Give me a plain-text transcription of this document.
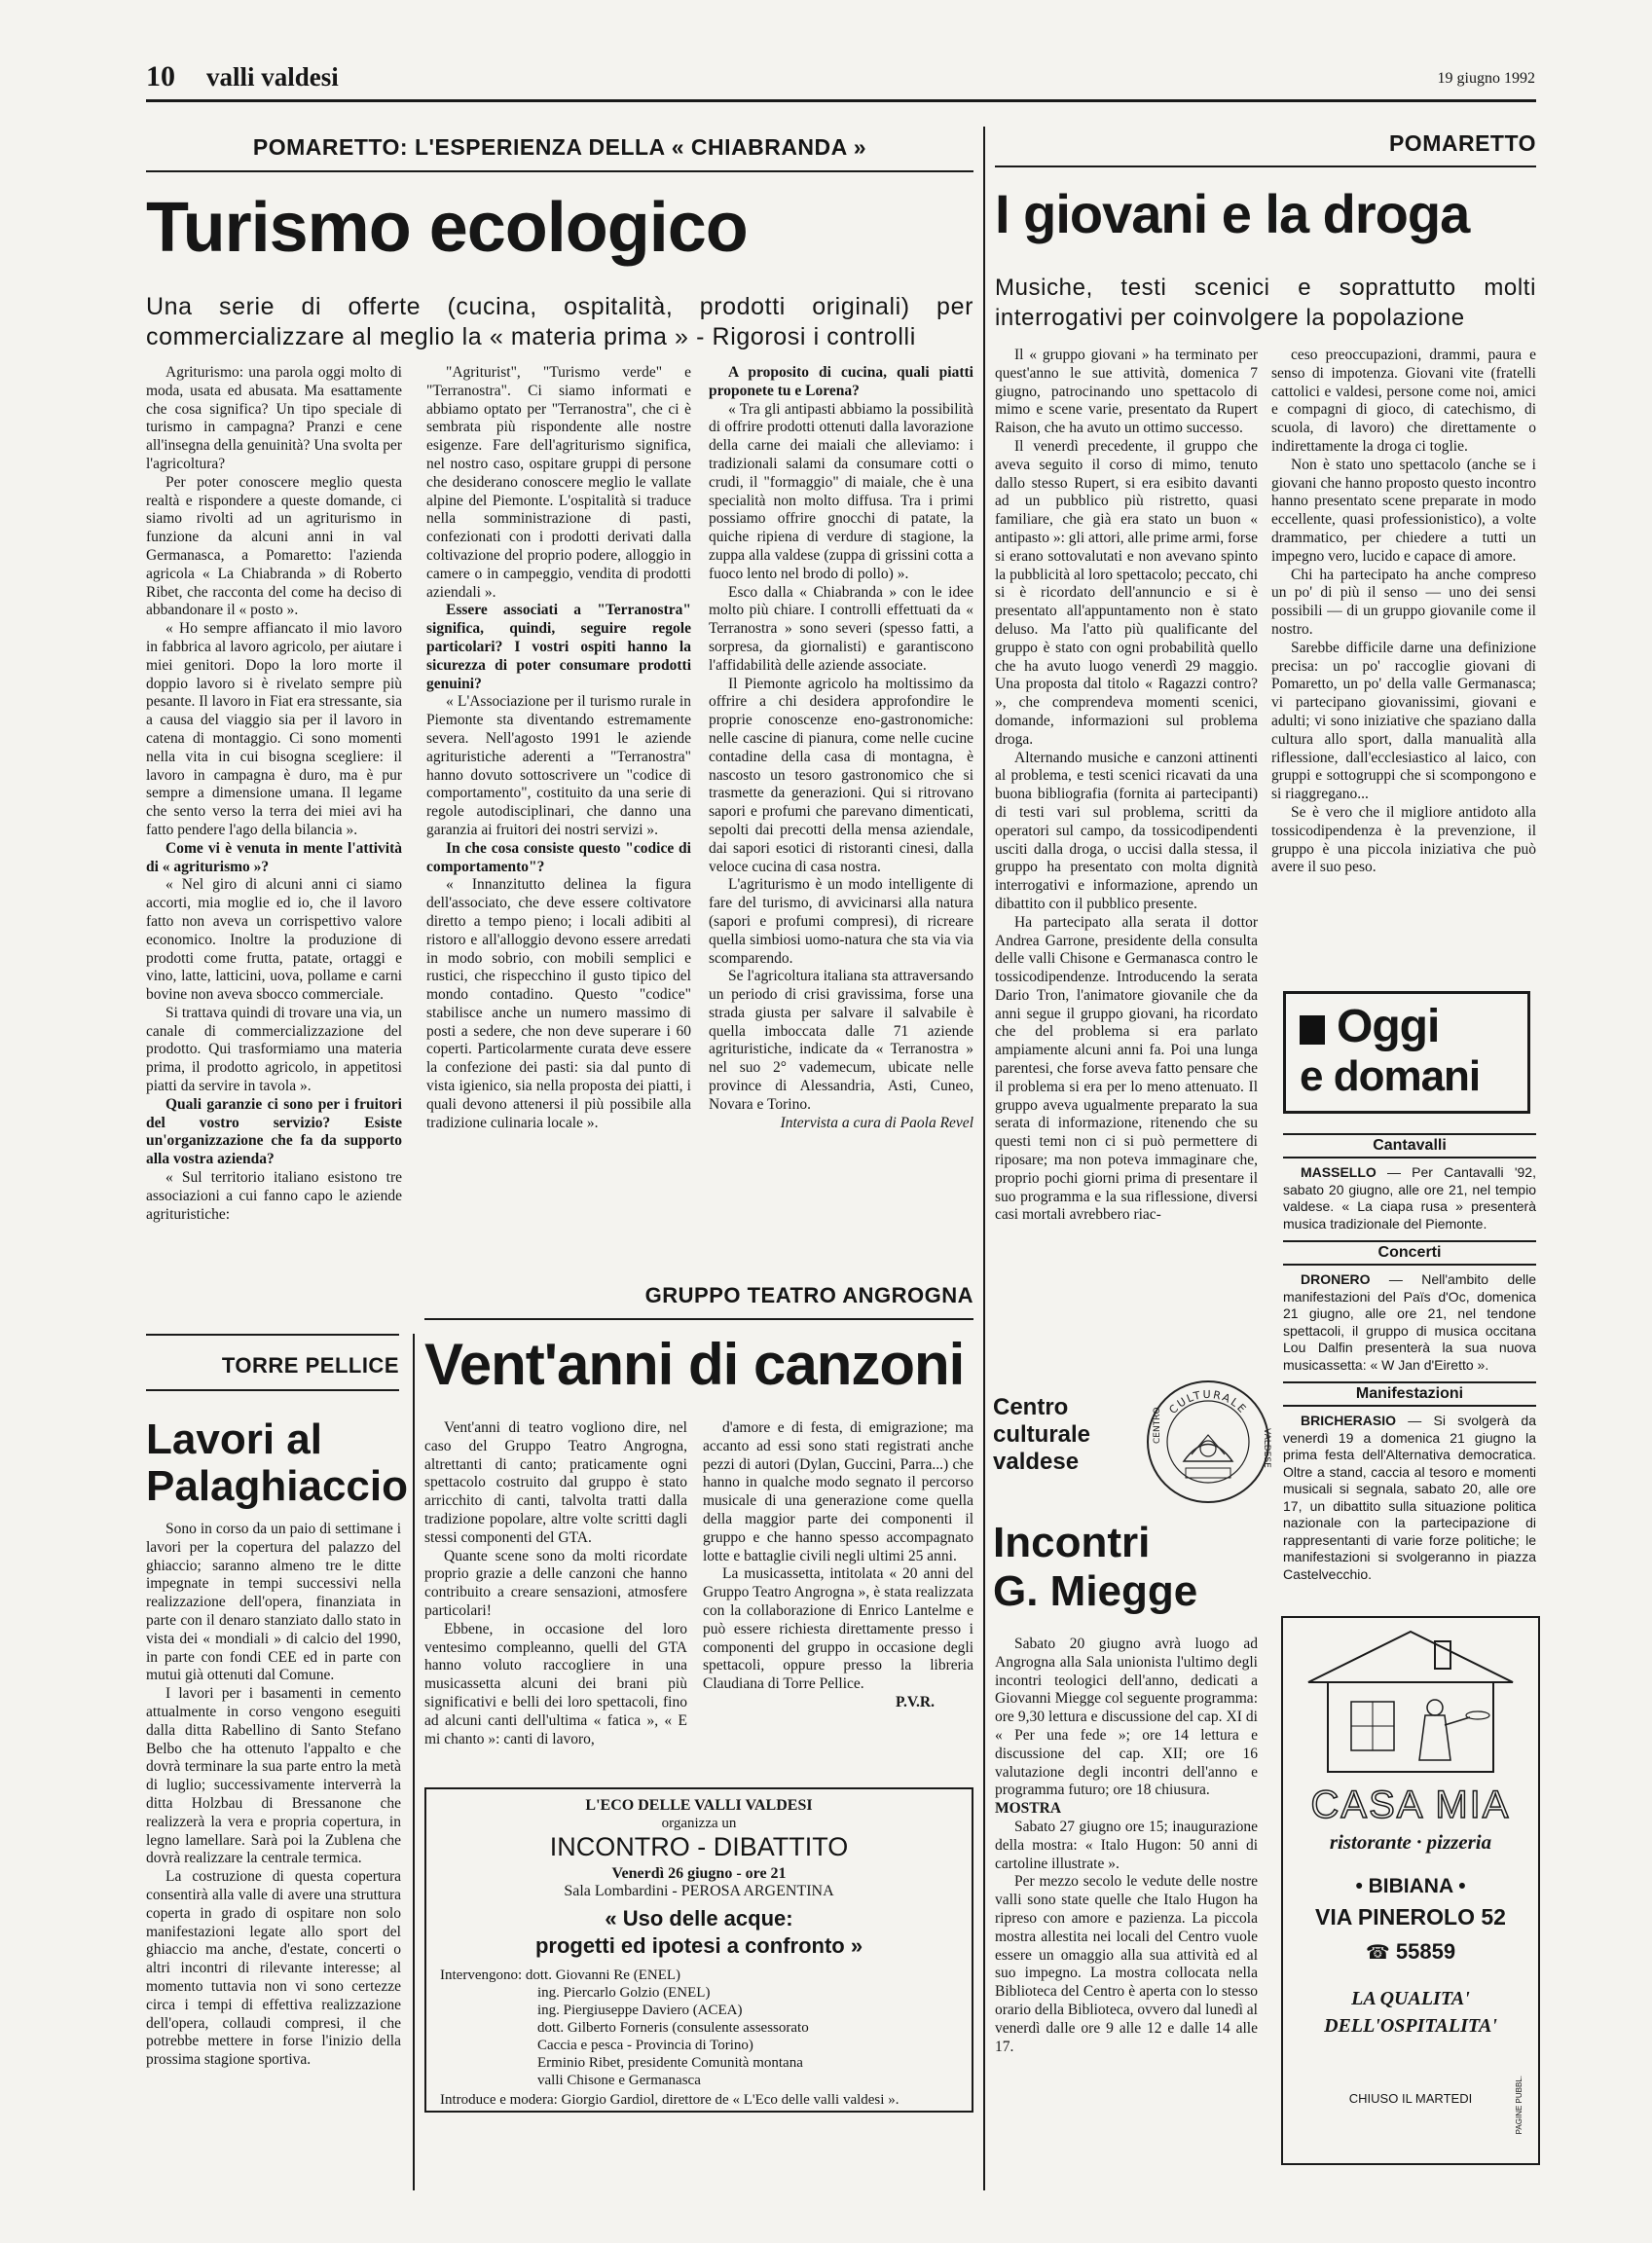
10 valli valdesi	19 giugno 1992
POMARETTO: L'ESPERIENZA DELLA « CHIABRANDA »
Turismo ecologico
Una serie di offerte (cucina, ospitalità, prodotti originali) per commercializzare al meglio la « materia prima » - Rigorosi i controlli

Agriturismo: una parola oggi molto di moda, usata ed abusata. Ma esattamente che cosa significa? Un tipo speciale di turismo in campagna? Pranzi e cene all'insegna della genuinità? Una svolta per l'agricoltura?

Per poter conoscere meglio questa realtà e rispondere a queste domande, ci siamo rivolti ad un agriturismo in funzione da alcuni anni in val Germanasca, a Pomaretto: l'azienda agricola « La Chiabranda » di Roberto Ribet, che racconta del come ha deciso di abbandonare il « posto ».

« Ho sempre affiancato il mio lavoro in fabbrica al lavoro agricolo, per aiutare i miei genitori. Dopo la loro morte il doppio lavoro si è rivelato sempre più pesante. Il lavoro in Fiat era stressante, sia a causa del viaggio sia per il lavoro in catena di montaggio. Ci sono momenti nella vita in cui bisogna scegliere: il lavoro in campagna è duro, ma è pur sempre a dimensione umana. Il legame che sento verso la terra dei miei avi ha fatto pendere l'ago della bilancia ».

Come vi è venuta in mente l'attività di « agriturismo »?

« Nel giro di alcuni anni ci siamo accorti, mia moglie ed io, che il lavoro fatto non aveva un corrispettivo valore economico. Inoltre la produzione di prodotti come frutta, patate, ortaggi e vino, latte, latticini, uova, pollame e carni bovine non aveva sbocco commerciale.

Si trattava quindi di trovare una via, un canale di commercializzazione del prodotto. Qui trasformiamo una materia prima, il prodotto agricolo, in appetitosi piatti da servire in tavola ».

Quali garanzie ci sono per i fruitori del vostro servizio? Esiste un'organizzazione che fa da supporto alla vostra azienda?

« Sul territorio italiano esistono tre associazioni a cui fanno capo le aziende agrituristiche:

"Agriturist", "Turismo verde" e "Terranostra". Ci siamo informati e abbiamo optato per "Terranostra", che ci è sembrata più rispondente alle nostre esigenze. Fare dell'agriturismo significa, nel nostro caso, ospitare gruppi di persone che desiderano conoscere meglio le vallate alpine del Piemonte. L'ospitalità si traduce nella somministrazione di pasti, confezionati con i prodotti derivati dalla coltivazione del proprio podere, alloggio in camere o in campeggio, vendita di prodotti aziendali ».

Essere associati a "Terranostra" significa, quindi, seguire regole particolari? I vostri ospiti hanno la sicurezza di poter consumare prodotti genuini?

« L'Associazione per il turismo rurale in Piemonte sta diventando estremamente severa. Nell'agosto 1991 le aziende agrituristiche aderenti a "Terranostra" hanno dovuto sottoscrivere un "codice di comportamento", costituito da una serie di regole autodisciplinari, che danno una garanzia ai fruitori dei nostri servizi ».

In che cosa consiste questo "codice di comportamento"?

« Innanzitutto delinea la figura dell'associato, che deve essere coltivatore diretto a tempo pieno; i locali adibiti al ristoro e all'alloggio devono essere arredati in modo sobrio, con mobili semplici e rustici, che rispecchino il gusto tipico del mondo contadino. Questo "codice" stabilisce anche un numero massimo di posti a sedere, che non deve superare i 60 coperti. Particolarmente curata deve essere la confezione dei pasti: sia dal punto di vista igienico, sia nella proposta dei piatti, i quali devono attenersi il più possibile alla tradizione culinaria locale ».

A proposito di cucina, quali piatti proponete tu e Lorena?

« Tra gli antipasti abbiamo la possibilità di offrire prodotti ottenuti dalla lavorazione della carne dei maiali che alleviamo: i tradizionali salami da consumare cotti o crudi, il "formaggio" di maiale, che è una specialità non molto diffusa. Tra i primi possiamo offrire gnocchi di patate, la quiche ripiena di verdure di stagione, la zuppa alla valdese (zuppa di grissini cotta a fuoco lento nel brodo di pollo) ».

Esco dalla « Chiabranda » con le idee molto più chiare. I controlli effettuati da « Terranostra » sono severi (spesso fatti, a sorpresa, da giornalisti) e garantiscono l'affidabilità delle aziende associate.

Il Piemonte agricolo ha moltissimo da offrire a chi desidera approfondire le proprie conoscenze eno-gastronomiche: nelle cascine di pianura, come nelle cucine contadine della casa di montagna, è nascosto un tesoro gastronomico che si trasmette da generazioni. Qui si ritrovano sapori e profumi che parevano dimenticati, sepolti dai precotti della mensa aziendale, dai sapori esotici di ristoranti cinesi, dalla veloce cucina di casa nostra.

L'agriturismo è un modo intelligente di fare del turismo, di avvicinarsi alla natura (sapori e profumi compresi), di ricreare quella simbiosi uomo-natura che sta via via scomparendo.

Se l'agricoltura italiana sta attraversando un periodo di crisi gravissima, forse una strada giusta per salvare il salvabile è quella imboccata dalle 71 aziende agrituristiche, indicate da « Terranostra » nel suo 2° vademecum, ubicate nelle province di Alessandria, Asti, Cuneo, Novara e Torino.

Intervista a cura di Paola Revel
POMARETTO
I giovani e la droga
Musiche, testi scenici e soprattutto molti interrogativi per coinvolgere la popolazione

Il « gruppo giovani » ha terminato per quest'anno le sue attività, domenica 7 giugno, patrocinando uno spettacolo di mimo e scene varie, presentato da Rupert Raison, che ha avuto un ottimo successo.

Il venerdì precedente, il gruppo che aveva seguito il corso di mimo, tenuto dallo stesso Rupert, si era esibito davanti ad un pubblico più ristretto, quasi familiare, che già era stato un buon « antipasto »: gli attori, alle prime armi, forse si erano sottovalutati e non avevano spinto la pubblicità al loro spettacolo; peccato, chi si è ricordato dell'annuncio e si è presentato all'appuntamento non è stato deluso. Ma l'atto più qualificante del gruppo è stato con ogni probabilità quello che ha avuto luogo venerdì 29 maggio. Una proposta dal titolo « Ragazzi contro? », che comprendeva momenti scenici, domande, informazioni sul problema droga.

Alternando musiche e canzoni attinenti al problema, e testi scenici ricavati da una buona bibliografia (fornita ai partecipanti) di testi vari sul problema, scritti da operatori sul campo, da tossicodipendenti usciti dalla droga, o uccisi dalla stessa, il gruppo ha presentato con molta dignità interrogativi e informazione, aprendo un dibattito con il pubblico presente.

Ha partecipato alla serata il dottor Andrea Garrone, presidente della consulta delle valli Chisone e Germanasca contro le tossicodipendenze. Introducendo la serata Dario Tron, l'animatore giovanile che da anni segue il gruppo giovani, ha ricordato che del problema si era parlato ampiamente alcuni anni fa. Poi una lunga parentesi, che forse aveva fatto pensare che il problema si era per lo meno attenuato. Il gruppo aveva ugualmente preparato la sua serata di informazione, ritenendo che su questi temi non ci si può permettere di riposare; ma non poteva immaginare che, proprio pochi giorni prima di presentare il suo programma e la sua riflessione, diversi casi mortali avrebbero riac-

ceso preoccupazioni, drammi, paura e senso di impotenza. Giovani vite (fratelli cattolici e valdesi, persone come noi, amici e compagni di gioco, di catechismo, di scuola, di lavoro) che direttamente o indirettamente la droga ci toglie.

Non è stato uno spettacolo (anche se i giovani che hanno proposto questo incontro hanno presentato scene preparate in modo eccellente, quasi professionistico), a volte drammatico, per chiedere a tutti un impegno vero, lucido e capace di amore.

Chi ha partecipato ha anche compreso un po' di più il senso — uno dei sensi possibili — di un gruppo giovanile come il nostro.

Sarebbe difficile darne una definizione precisa: un po' raccoglie giovani di Pomaretto, un po' della valle Germanasca; vi partecipano giovanissimi, giovani e adulti; vi sono iniziative che spaziano dalla cultura allo sport, dalla manualità alla riflessione, dall'ecclesiastico al laico, con gruppi e sottogruppi che si scompongono e si riaggregano...

Se è vero che il migliore antidoto alla tossicodipendenza è la prevenzione, il gruppo è una piccola iniziativa che può avere il suo peso.

Oggi
e domani
Cantavalli
MASSELLO — Per Cantavalli '92, sabato 20 giugno, alle ore 21, nel tempio valdese. « La ciapa rusa » presenterà musica tradizionale del Piemonte.
Concerti
DRONERO — Nell'ambito delle manifestazioni del Païs d'Oc, domenica 21 giugno, alle ore 21, nel tendone spettacoli, il gruppo di musica occitana Lou Dalfin presenterà la sua nuova musicassetta: « W Jan d'Eiretto ».
Manifestazioni
BRICHERASIO — Si svolgerà da venerdì 19 a domenica 21 giugno la prima festa dell'Alternativa democratica. Oltre a stand, caccia al tesoro e momenti musicali si segnala, sabato 20, alle ore 17, un dibattito sulla situazione politica nazionale con la partecipazione di rappresentanti di varie forze politiche; le manifestazioni si svolgeranno in piazza Castelvecchio.
TORRE PELLICE
Lavori al
Palaghiaccio

Sono in corso da un paio di settimane i lavori per la copertura del palazzo del ghiaccio; saranno almeno tre le ditte impegnate in tempi successivi nella realizzazione dell'opera, finanziata in parte con il denaro stanziato dallo stato in vista dei « mondiali » di calcio del 1990, in parte con fondi CEE ed in parte con mutui già ottenuti dal Comune.

I lavori per i basamenti in cemento attualmente in corso vengono eseguiti dalla ditta Rabellino di Santo Stefano Belbo che ha ottenuto l'appalto e che dovrà terminare la sua parte entro la metà di luglio; successivamente interverrà la ditta Holzbau di Bressanone che realizzerà la vera e propria copertura, in legno lamellare. Sarà poi la Zublena che dovrà realizzare la centrale termica.

La costruzione di questa copertura consentirà alla valle di avere una struttura coperta in grado di ospitare non solo manifestazioni legate allo sport del ghiaccio ma anche, d'estate, concerti o altri incontri di rilevante interesse; al momento tuttavia non vi sono certezze circa i tempi di effettiva realizzazione dell'opera, collaudi compresi, il che potrebbe mettere in forse l'inizio della prossima stagione sportiva.

GRUPPO TEATRO ANGROGNA
Vent'anni di canzoni

Vent'anni di teatro vogliono dire, nel caso del Gruppo Teatro Angrogna, altrettanti di canto; praticamente ogni spettacolo costruito dal gruppo è stato arricchito di canti, talvolta tratti dalla tradizione popolare, altre volte scritti dagli stessi componenti del GTA.

Quante scene sono da molti ricordate proprio grazie a delle canzoni che hanno contribuito a creare sensazioni, atmosfere particolari!

Ebbene, in occasione del loro ventesimo compleanno, quelli del GTA hanno voluto raccogliere in una musicassetta alcuni dei brani più significativi e belli dei loro spettacoli, fino ad alcuni canti dell'ultima « fatica », « E mi chanto »: canti di lavoro,

d'amore e di festa, di emigrazione; ma accanto ad essi sono stati registrati anche pezzi di autori (Dylan, Guccini, Parra...) che hanno in qualche modo segnato il percorso musicale di una generazione come quella della maggior parte dei componenti il gruppo e che hanno spesso accompagnato lotte e battaglie civili negli ultimi 25 anni.

La musicassetta, intitolata « 20 anni del Gruppo Teatro Angrogna », è stata realizzata con la collaborazione di Enrico Lantelme e può essere richiesta direttamente presso i componenti del gruppo in occasione degli spettacoli, oppure presso la libreria Claudiana di Torre Pellice.

P.V.R.
L'ECO DELLE VALLI VALDESI
organizza un
INCONTRO - DIBATTITO
Venerdì 26 giugno - ore 21
Sala Lombardini - PEROSA ARGENTINA
« Uso delle acque:
progetti ed ipotesi a confronto »
Intervengono: dott. Giovanni Re (ENEL)
ing. Piercarlo Golzio (ENEL)
ing. Piergiuseppe Daviero (ACEA)
dott. Gilberto Forneris (consulente assessorato
Caccia e pesca - Provincia di Torino)
Erminio Ribet, presidente Comunità montana
valli Chisone e Germanasca
Introduce e modera: Giorgio Gardiol, direttore de « L'Eco delle valli valdesi ».
Centro
culturale
valdese
CULTURALE
CENTRO
VALDESE
Incontri
G. Miegge

Sabato 20 giugno avrà luogo ad Angrogna alla Sala unionista l'ultimo degli incontri teologici dell'anno, dedicati a Giovanni Miegge col seguente programma: ore 9,30 lettura e discussione del cap. XI di « Per una fede »; ore 14 lettura e discussione del cap. XII; ore 16 valutazione degli incontri dell'anno e programma futuro; ore 18 chiusura.

MOSTRA

Sabato 27 giugno ore 15; inaugurazione della mostra: « Italo Hugon: 50 anni di cartoline illustrate ».

Per mezzo secolo le vedute delle nostre valli sono state quelle che Italo Hugon ha ripreso con amore e pazienza. La piccola mostra allestita nei locali del Centro vuole essere un omaggio alla sua attività ed al suo impegno. La mostra collocata nella Biblioteca del Centro è aperta con lo stesso orario della Biblioteca, ovvero dal lunedì al venerdì dalle ore 9 alle 12 e dalle 14 alle 17.

CASA MIA
ristorante · pizzeria
• BIBIANA •
VIA PINEROLO 52
☎ 55859
LA QUALITA'
DELL'OSPITALITA'
CHIUSO IL MARTEDI	PAGINE PUBBL.
